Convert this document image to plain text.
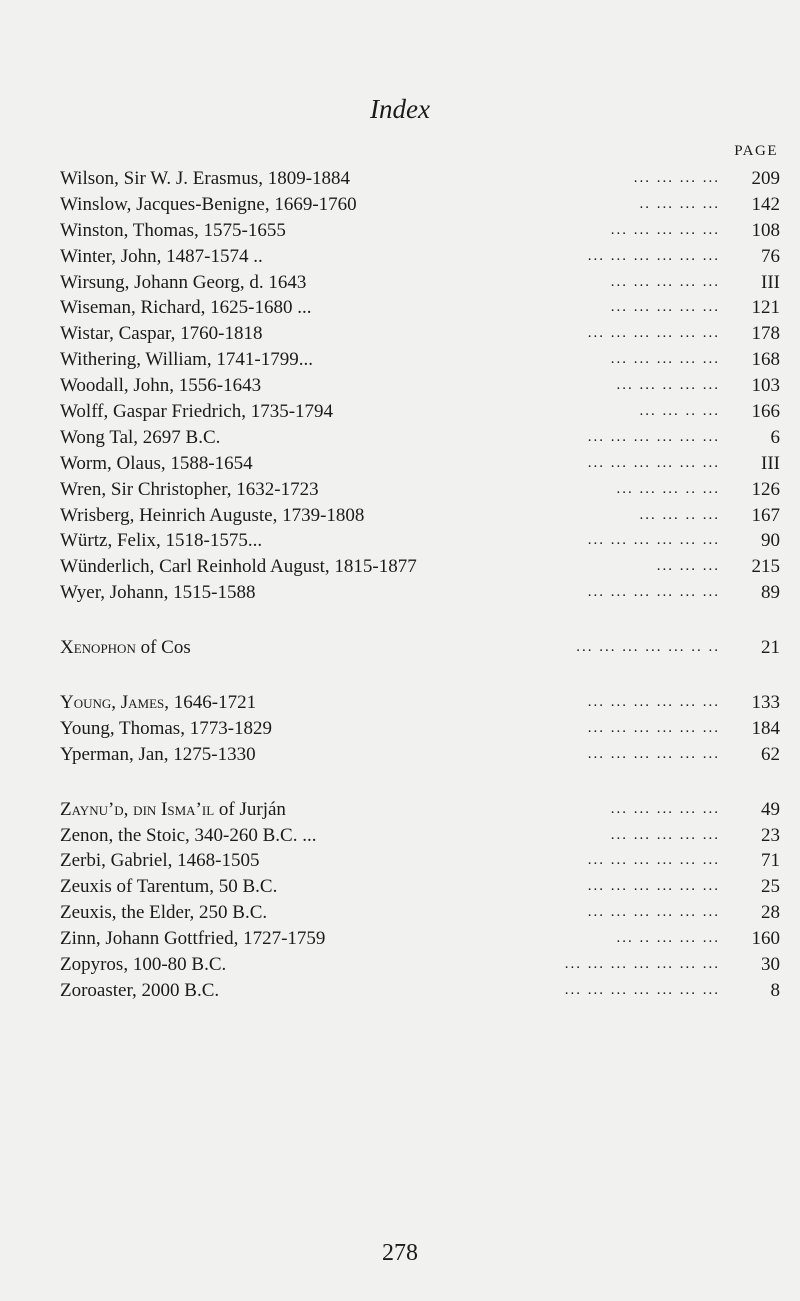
Index
PAGE
Wilson, Sir W. J. Erasmus, 1809-1884	... ... ... ...	209
Winslow, Jacques-Benigne, 1669-1760	.. ... ... ...	142
Winston, Thomas, 1575-1655	... ... ... ... ...	108
Winter, John, 1487-1574 ..	... ... ... ... ... ...	76
Wirsung, Johann Georg, d. 1643	... ... ... ... ...	III
Wiseman, Richard, 1625-1680 ...	... ... ... ... ...	121
Wistar, Caspar, 1760-1818	... ... ... ... ... ...	178
Withering, William, 1741-1799...	... ... ... ... ...	168
Woodall, John, 1556-1643	... ... .. ... ...	103
Wolff, Gaspar Friedrich, 1735-1794	... ... .. ...	166
Wong Tal, 2697 B.C.	... ... ... ... ... ...	6
Worm, Olaus, 1588-1654	... ... ... ... ... ...	III
Wren, Sir Christopher, 1632-1723	... ... ... .. ...	126
Wrisberg, Heinrich Auguste, 1739-1808	... ... .. ...	167
Würtz, Felix, 1518-1575...	... ... ... ... ... ...	90
Wünderlich, Carl Reinhold August, 1815-1877	... ... ...	215
Wyer, Johann, 1515-1588	... ... ... ... ... ...	89
Xenophon of Cos	... ... ... ... ... .. ..	21
Young, James, 1646-1721	... ... ... ... ... ...	133
Young, Thomas, 1773-1829	... ... ... ... ... ...	184
Yperman, Jan, 1275-1330	... ... ... ... ... ...	62
Zaynu’d, din Isma’il of Jurján	... ... ... ... ...	49
Zenon, the Stoic, 340-260 B.C. ...	... ... ... ... ...	23
Zerbi, Gabriel, 1468-1505	... ... ... ... ... ...	71
Zeuxis of Tarentum, 50 B.C.	... ... ... ... ... ...	25
Zeuxis, the Elder, 250 B.C.	... ... ... ... ... ...	28
Zinn, Johann Gottfried, 1727-1759	... .. ... ... ...	160
Zopyros, 100-80 B.C.	... ... ... ... ... ... ...	30
Zoroaster, 2000 B.C.	... ... ... ... ... ... ...	8
278
